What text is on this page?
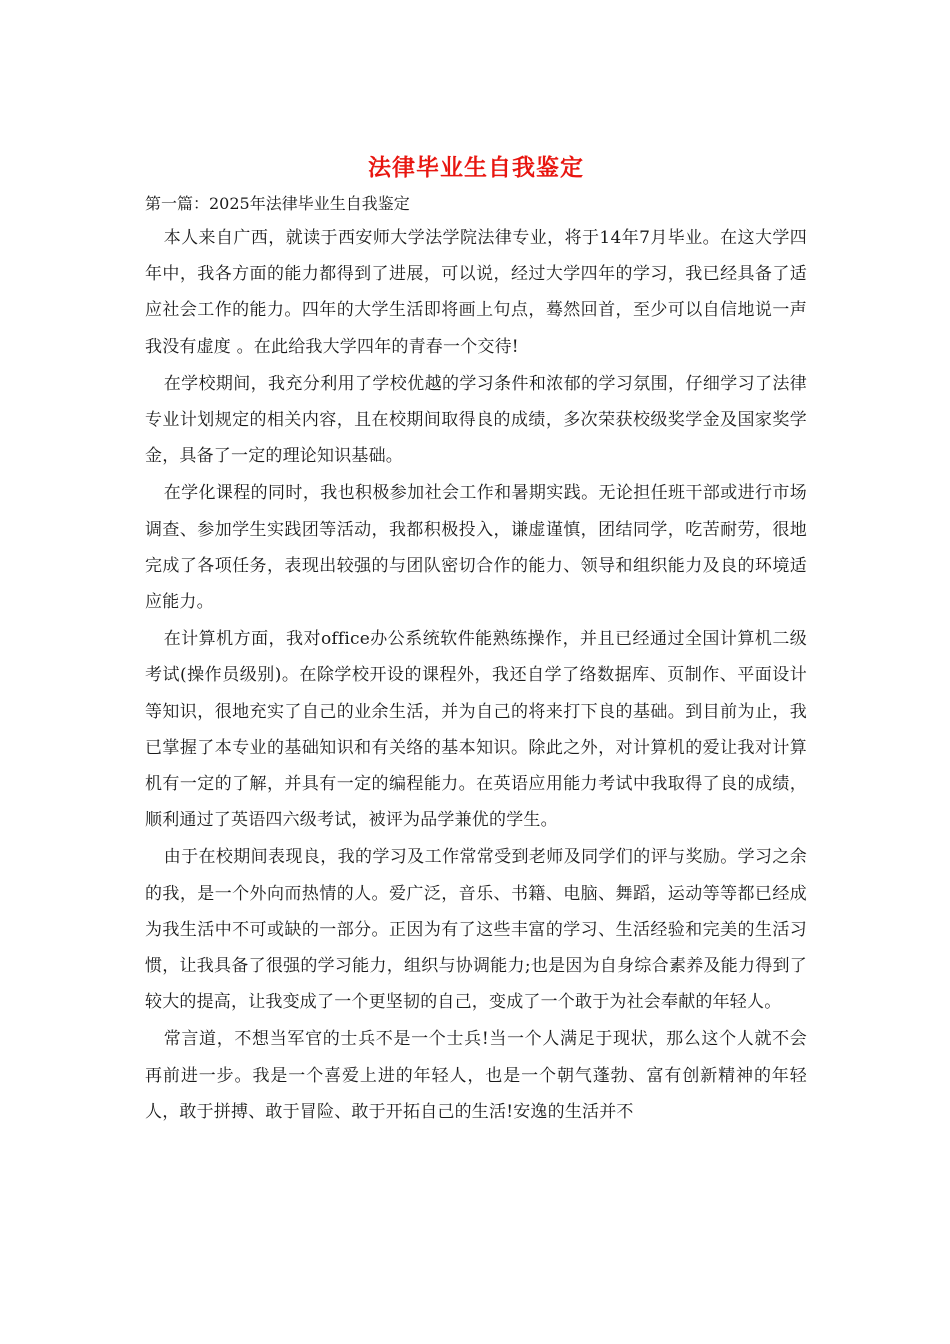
法律毕业生自我鉴定
第一篇：2025年法律毕业生自我鉴定

本人来自广西，就读于西安师大学法学院法律专业，将于14年7月毕业。在这大学四年中，我各方面的能力都得到了进展，可以说，经过大学四年的学习，我已经具备了适应社会工作的能力。四年的大学生活即将画上句点，蓦然回首，至少可以自信地说一声 我没有虚度 。在此给我大学四年的青春一个交待!

在学校期间，我充分利用了学校优越的学习条件和浓郁的学习氛围，仔细学习了法律专业计划规定的相关内容，且在校期间取得良的成绩，多次荣获校级奖学金及国家奖学金，具备了一定的理论知识基础。

在学化课程的同时，我也积极参加社会工作和暑期实践。无论担任班干部或进行市场调查、参加学生实践团等活动，我都积极投入，谦虚谨慎，团结同学，吃苦耐劳，很地完成了各项任务，表现出较强的与团队密切合作的能力、领导和组织能力及良的环境适应能力。

在计算机方面，我对office办公系统软件能熟练操作，并且已经通过全国计算机二级考试(操作员级别)。在除学校开设的课程外，我还自学了络数据库、页制作、平面设计等知识，很地充实了自己的业余生活，并为自己的将来打下良的基础。到目前为止，我已掌握了本专业的基础知识和有关络的基本知识。除此之外，对计算机的爱让我对计算机有一定的了解，并具有一定的编程能力。在英语应用能力考试中我取得了良的成绩，顺利通过了英语四六级考试，被评为品学兼优的学生。

由于在校期间表现良，我的学习及工作常常受到老师及同学们的评与奖励。学习之余的我，是一个外向而热情的人。爱广泛，音乐、书籍、电脑、舞蹈，运动等等都已经成为我生活中不可或缺的一部分。正因为有了这些丰富的学习、生活经验和完美的生活习惯，让我具备了很强的学习能力，组织与协调能力;也是因为自身综合素养及能力得到了较大的提高，让我变成了一个更坚韧的自己，变成了一个敢于为社会奉献的年轻人。

常言道，不想当军官的士兵不是一个士兵!当一个人满足于现状，那么这个人就不会再前进一步。我是一个喜爱上进的年轻人，也是一个朝气蓬勃、富有创新精神的年轻人，敢于拼搏、敢于冒险、敢于开拓自己的生活!安逸的生活并不
